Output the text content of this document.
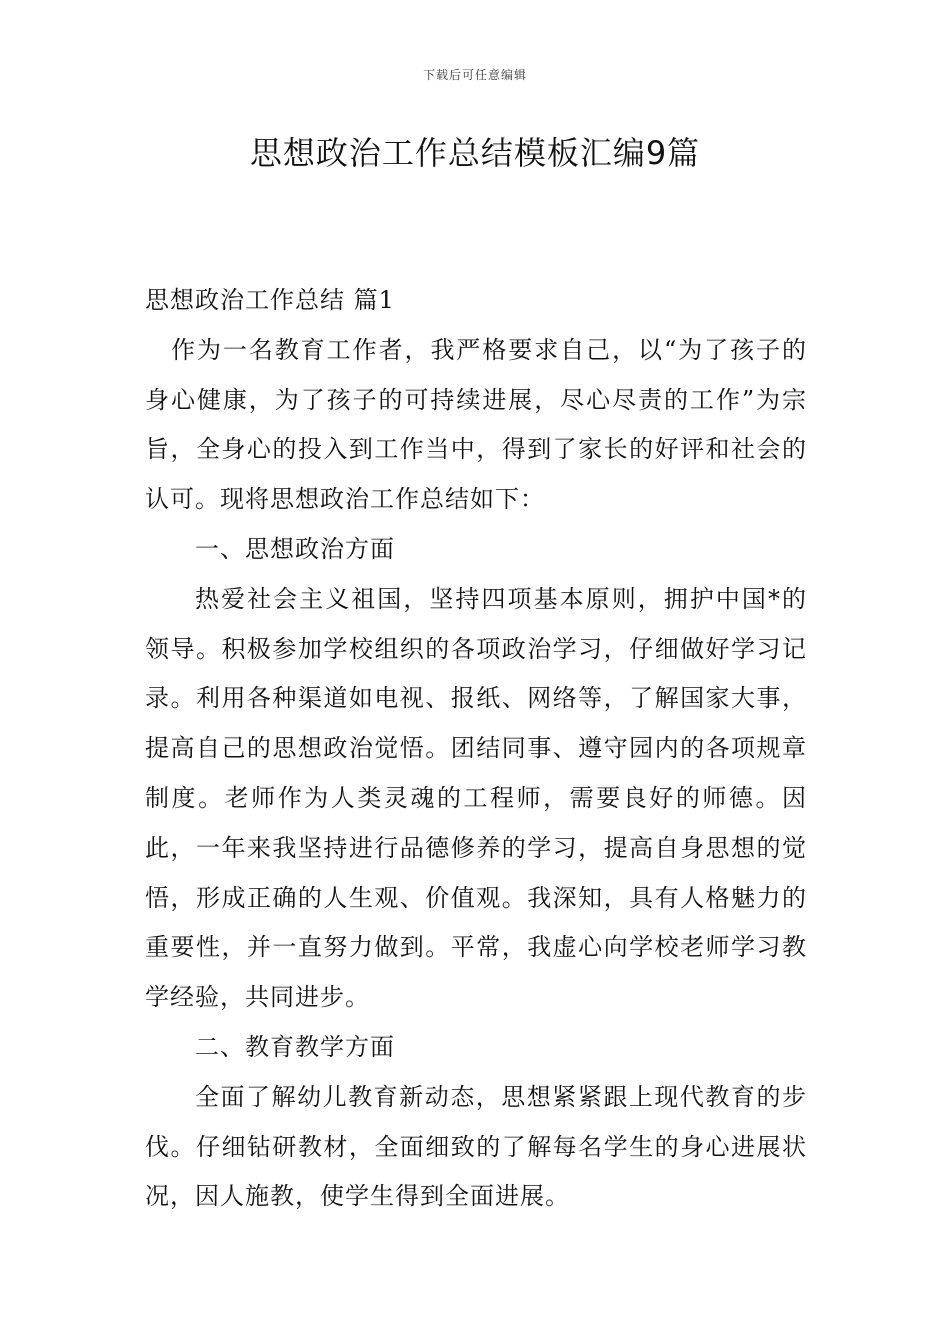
下载后可任意编辑
思想政治工作总结模板汇编9篇

思想政治工作总结 篇1

作为一名教育工作者，我严格要求自己，以“为了孩子的身心健康，为了孩子的可持续进展，尽心尽责的工作”为宗旨，全身心的投入到工作当中，得到了家长的好评和社会的认可。现将思想政治工作总结如下：

一、思想政治方面

热爱社会主义祖国，坚持四项基本原则，拥护中国*的领导。积极参加学校组织的各项政治学习，仔细做好学习记录。利用各种渠道如电视、报纸、网络等，了解国家大事，提高自己的思想政治觉悟。团结同事、遵守园内的各项规章制度。老师作为人类灵魂的工程师，需要良好的师德。因此，一年来我坚持进行品德修养的学习，提高自身思想的觉悟，形成正确的人生观、价值观。我深知，具有人格魅力的重要性，并一直努力做到。平常，我虚心向学校老师学习教学经验，共同进步。

二、教育教学方面

全面了解幼儿教育新动态，思想紧紧跟上现代教育的步伐。仔细钻研教材，全面细致的了解每名学生的身心进展状况，因人施教，使学生得到全面进展。
